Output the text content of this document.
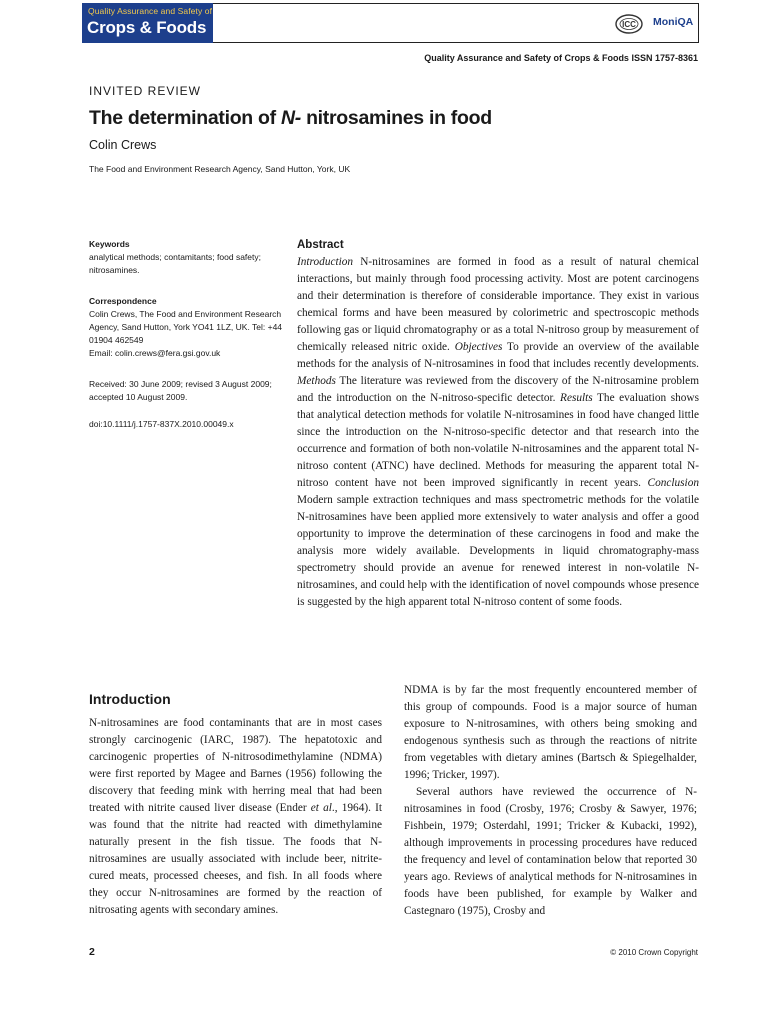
Quality Assurance and Safety of
Crops & Foods	ICC MoniQA
Quality Assurance and Safety of Crops & Foods ISSN 1757-8361
INVITED REVIEW
The determination of N- nitrosamines in food
Colin Crews
The Food and Environment Research Agency, Sand Hutton, York, UK
Keywords

analytical methods; contamitants; food safety; nitrosamines.

Correspondence

Colin Crews, The Food and Environment Research Agency, Sand Hutton, York YO41 1LZ, UK. Tel: +44 01904 462549

Email: colin.crews@fera.gsi.gov.uk

Received: 30 June 2009; revised 3 August 2009; accepted 10 August 2009.

doi:10.1111/j.1757-837X.2010.00049.x

Abstract

Introduction N-nitrosamines are formed in food as a result of natural chemical interactions, but mainly through food processing activity. Most are potent carcinogens and their determination is therefore of considerable importance. They exist in various chemical forms and have been measured by colorimetric and spectroscopic methods following gas or liquid chromatography or as a total N-nitroso group by measurement of chemically released nitric oxide. Objectives To provide an overview of the available methods for the analysis of N-nitrosamines in food that includes recently developments. Methods The literature was reviewed from the discovery of the N-nitrosamine problem and the introduction on the N-nitroso-specific detector. Results The evaluation shows that analytical detection methods for volatile N-nitrosamines in food have changed little since the introduction on the N-nitroso-specific detector and that research into the occurrence and formation of both non-volatile N-nitrosamines and the apparent total N-nitroso content (ATNC) have declined. Methods for measuring the apparent total N-nitroso content have not been improved significantly in recent years. Conclusion Modern sample extraction techniques and mass spectrometric methods for the volatile N-nitrosamines have been applied more extensively to water analysis and offer a good opportunity to improve the determination of these carcinogens in food and make the analysis more widely available. Developments in liquid chromatography-mass spectrometry should provide an avenue for renewed interest in non-volatile N-nitrosamines, and could help with the identification of novel compounds whose presence is suggested by the high apparent total N-nitroso content of some foods.

Introduction

N-nitrosamines are food contaminants that are in most cases strongly carcinogenic (IARC, 1987). The hepatotoxic and carcinogenic properties of N-nitrosodimethylamine (NDMA) were first reported by Magee and Barnes (1956) following the discovery that feeding mink with herring meal that had been treated with nitrite caused liver disease (Ender et al., 1964). It was found that the nitrite had reacted with dimethylamine naturally present in the fish tissue. The foods that N-nitrosamines are usually associated with include beer, nitrite-cured meats, processed cheeses, and fish. In all foods where they occur N-nitrosamines are formed by the reaction of nitrosating agents with secondary amines.

NDMA is by far the most frequently encountered member of this group of compounds. Food is a major source of human exposure to N-nitrosamines, with others being smoking and endogenous synthesis such as through the reactions of nitrite from vegetables with dietary amines (Bartsch & Spiegelhalder, 1996; Tricker, 1997).

Several authors have reviewed the occurrence of N-nitrosamines in food (Crosby, 1976; Crosby & Sawyer, 1976; Fishbein, 1979; Osterdahl, 1991; Tricker & Kubacki, 1992), although improvements in processing procedures have reduced the frequency and level of contamination below that reported 30 years ago. Reviews of analytical methods for N-nitrosamines in foods have been published, for example by Walker and Castegnaro (1975), Crosby and

2	© 2010 Crown Copyright
